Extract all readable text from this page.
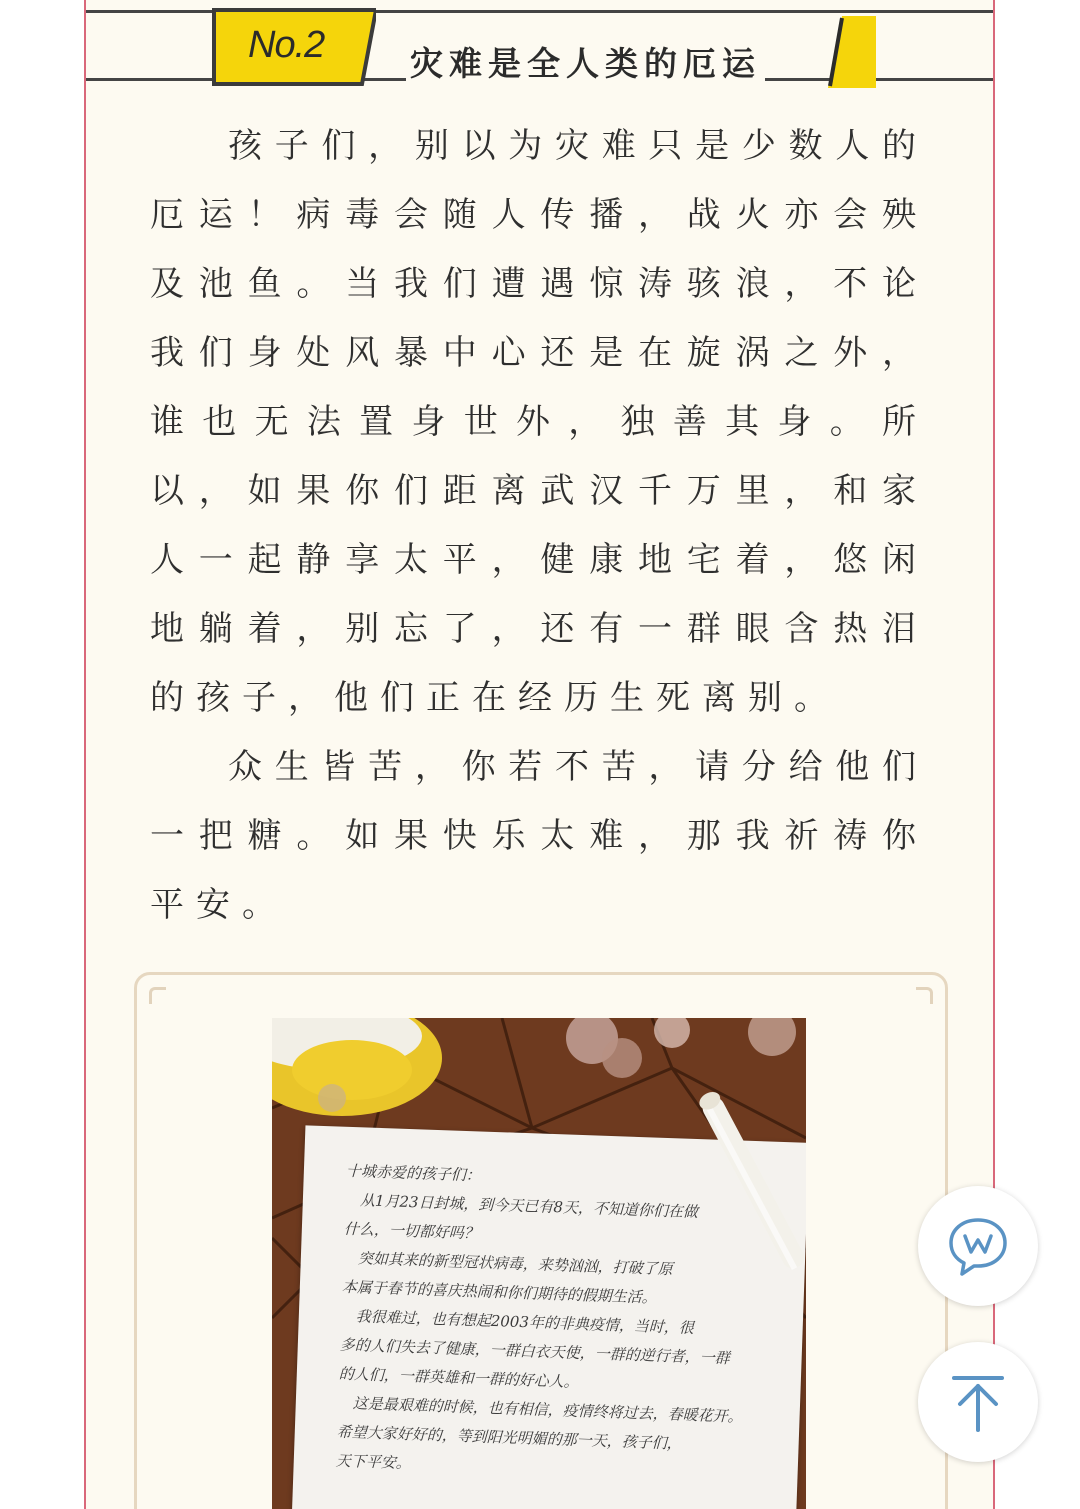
No.2	灾难是全人类的厄运

孩子们，别以为灾难只是少数人的厄运！病毒会随人传播，战火亦会殃及池鱼。当我们遭遇惊涛骇浪，不论我们身处风暴中心还是在旋涡之外，谁也无法置身世外，独善其身。所以，如果你们距离武汉千万里，和家人一起静享太平，健康地宅着，悠闲地躺着，别忘了，还有一群眼含热泪的孩子，他们正在经历生死离别。

众生皆苦，你若不苦，请分给他们一把糖。如果快乐太难，那我祈祷你平安。

十城赤爱的孩子们：
　从1月23日封城，到今天已有8天，不知道你们在做
什么，一切都好吗？
　突如其来的新型冠状病毒，来势汹汹，打破了原
本属于春节的喜庆热闹和你们期待的假期生活。
　我很难过，也有想起2003年的非典疫情，当时，很
多的人们失去了健康，一群白衣天使，一群的逆行者，一群
的人们，一群英雄和一群的好心人。
　这是最艰难的时候，也有相信，疫情终将过去，春暖花开。
希望大家好好的，等到阳光明媚的那一天，孩子们，
天下平安。
